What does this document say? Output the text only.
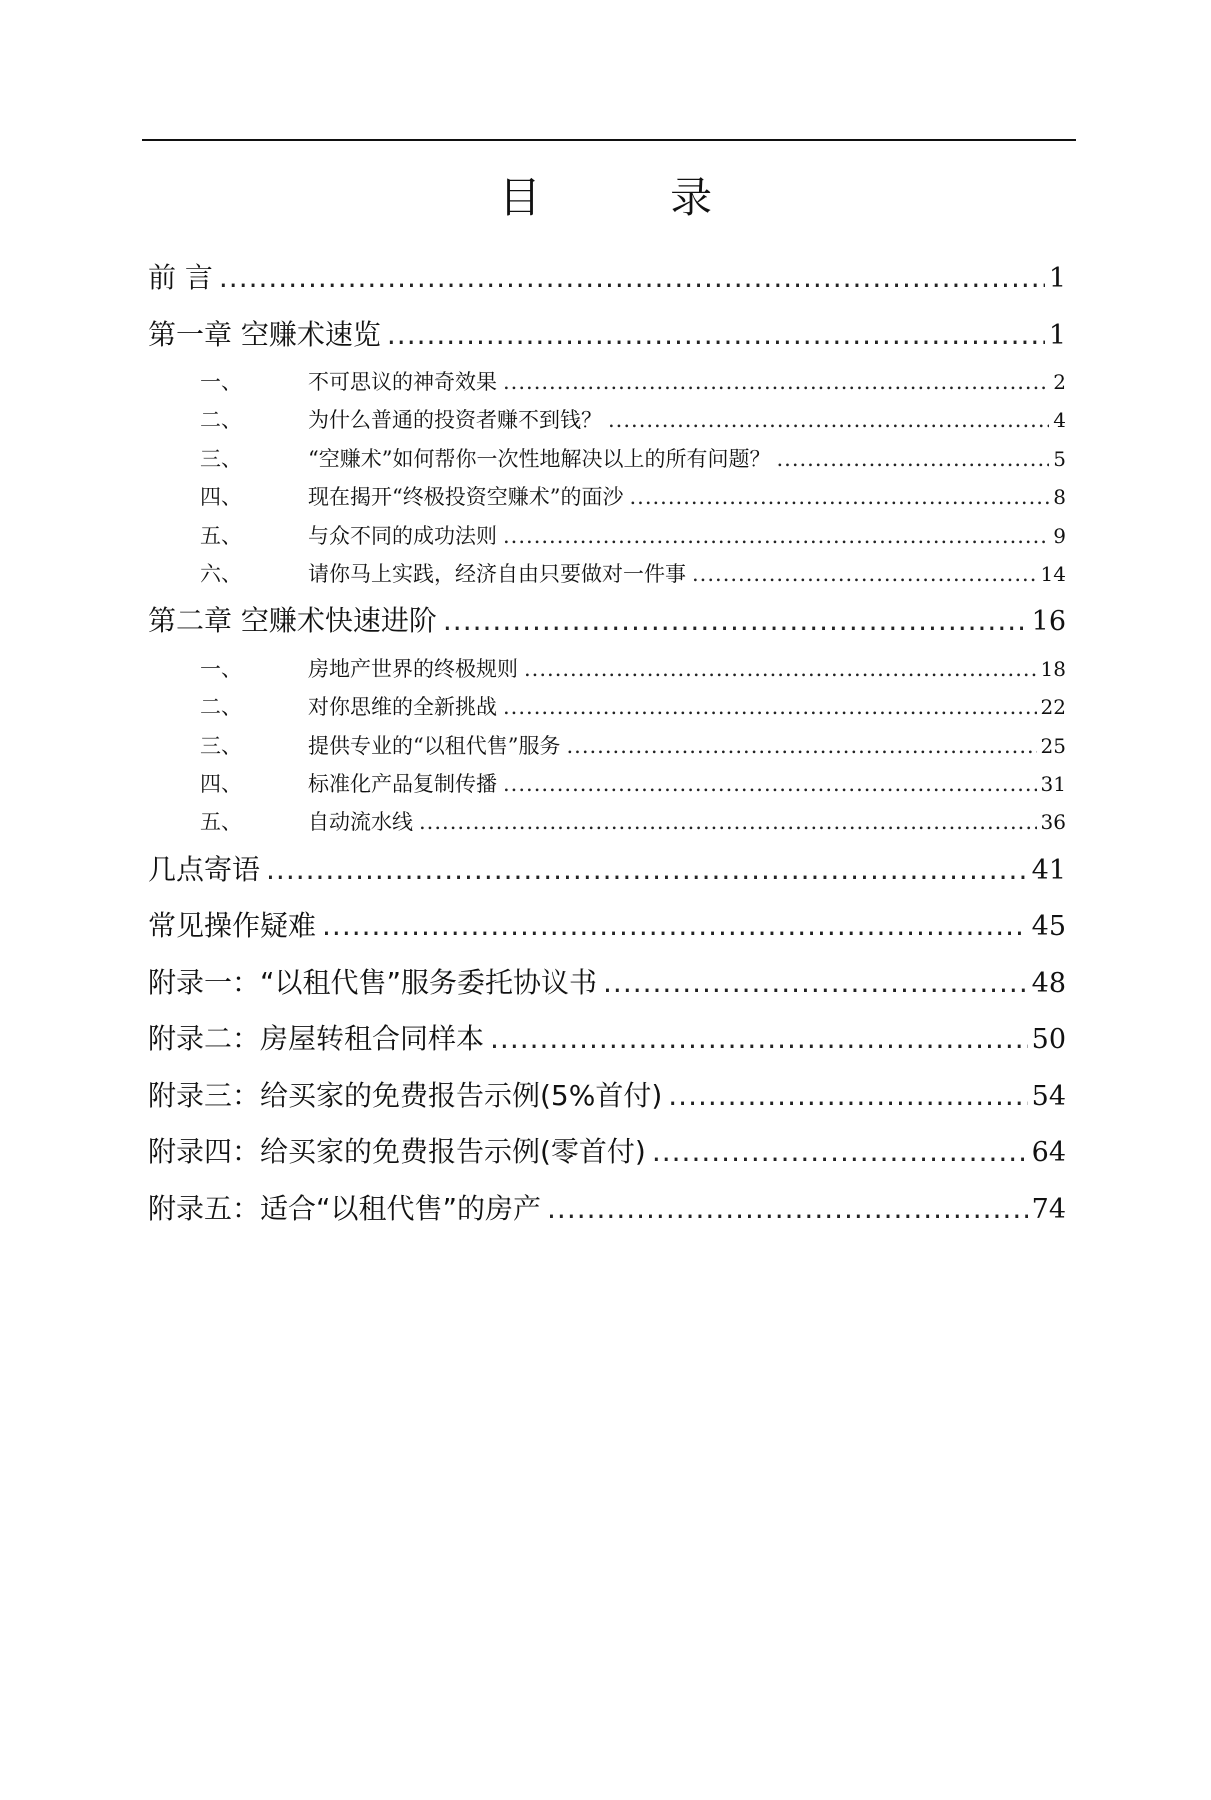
目 录
前 言 .....	1
第一章 空赚术速览 .....	1
一、	不可思议的神奇效果 .....	2
二、	为什么普通的投资者赚不到钱？ .....	4
三、	“空赚术”如何帮你一次性地解决以上的所有问题？ .....	5
四、	现在揭开“终极投资空赚术”的面沙 .....	8
五、	与众不同的成功法则 .....	9
六、	请你马上实践，经济自由只要做对一件事 .....	14
第二章 空赚术快速进阶 .....	16
一、	房地产世界的终极规则 .....	18
二、	对你思维的全新挑战 .....	22
三、	提供专业的“以租代售”服务 .....	25
四、	标准化产品复制传播 .....	31
五、	自动流水线 .....	36
几点寄语 .....	41
常见操作疑难 .....	45
附录一：“以租代售”服务委托协议书 .....	48
附录二：房屋转租合同样本 .....	50
附录三：给买家的免费报告示例(5%首付) .....	54
附录四：给买家的免费报告示例(零首付) .....	64
附录五：适合“以租代售”的房产 .....	74
